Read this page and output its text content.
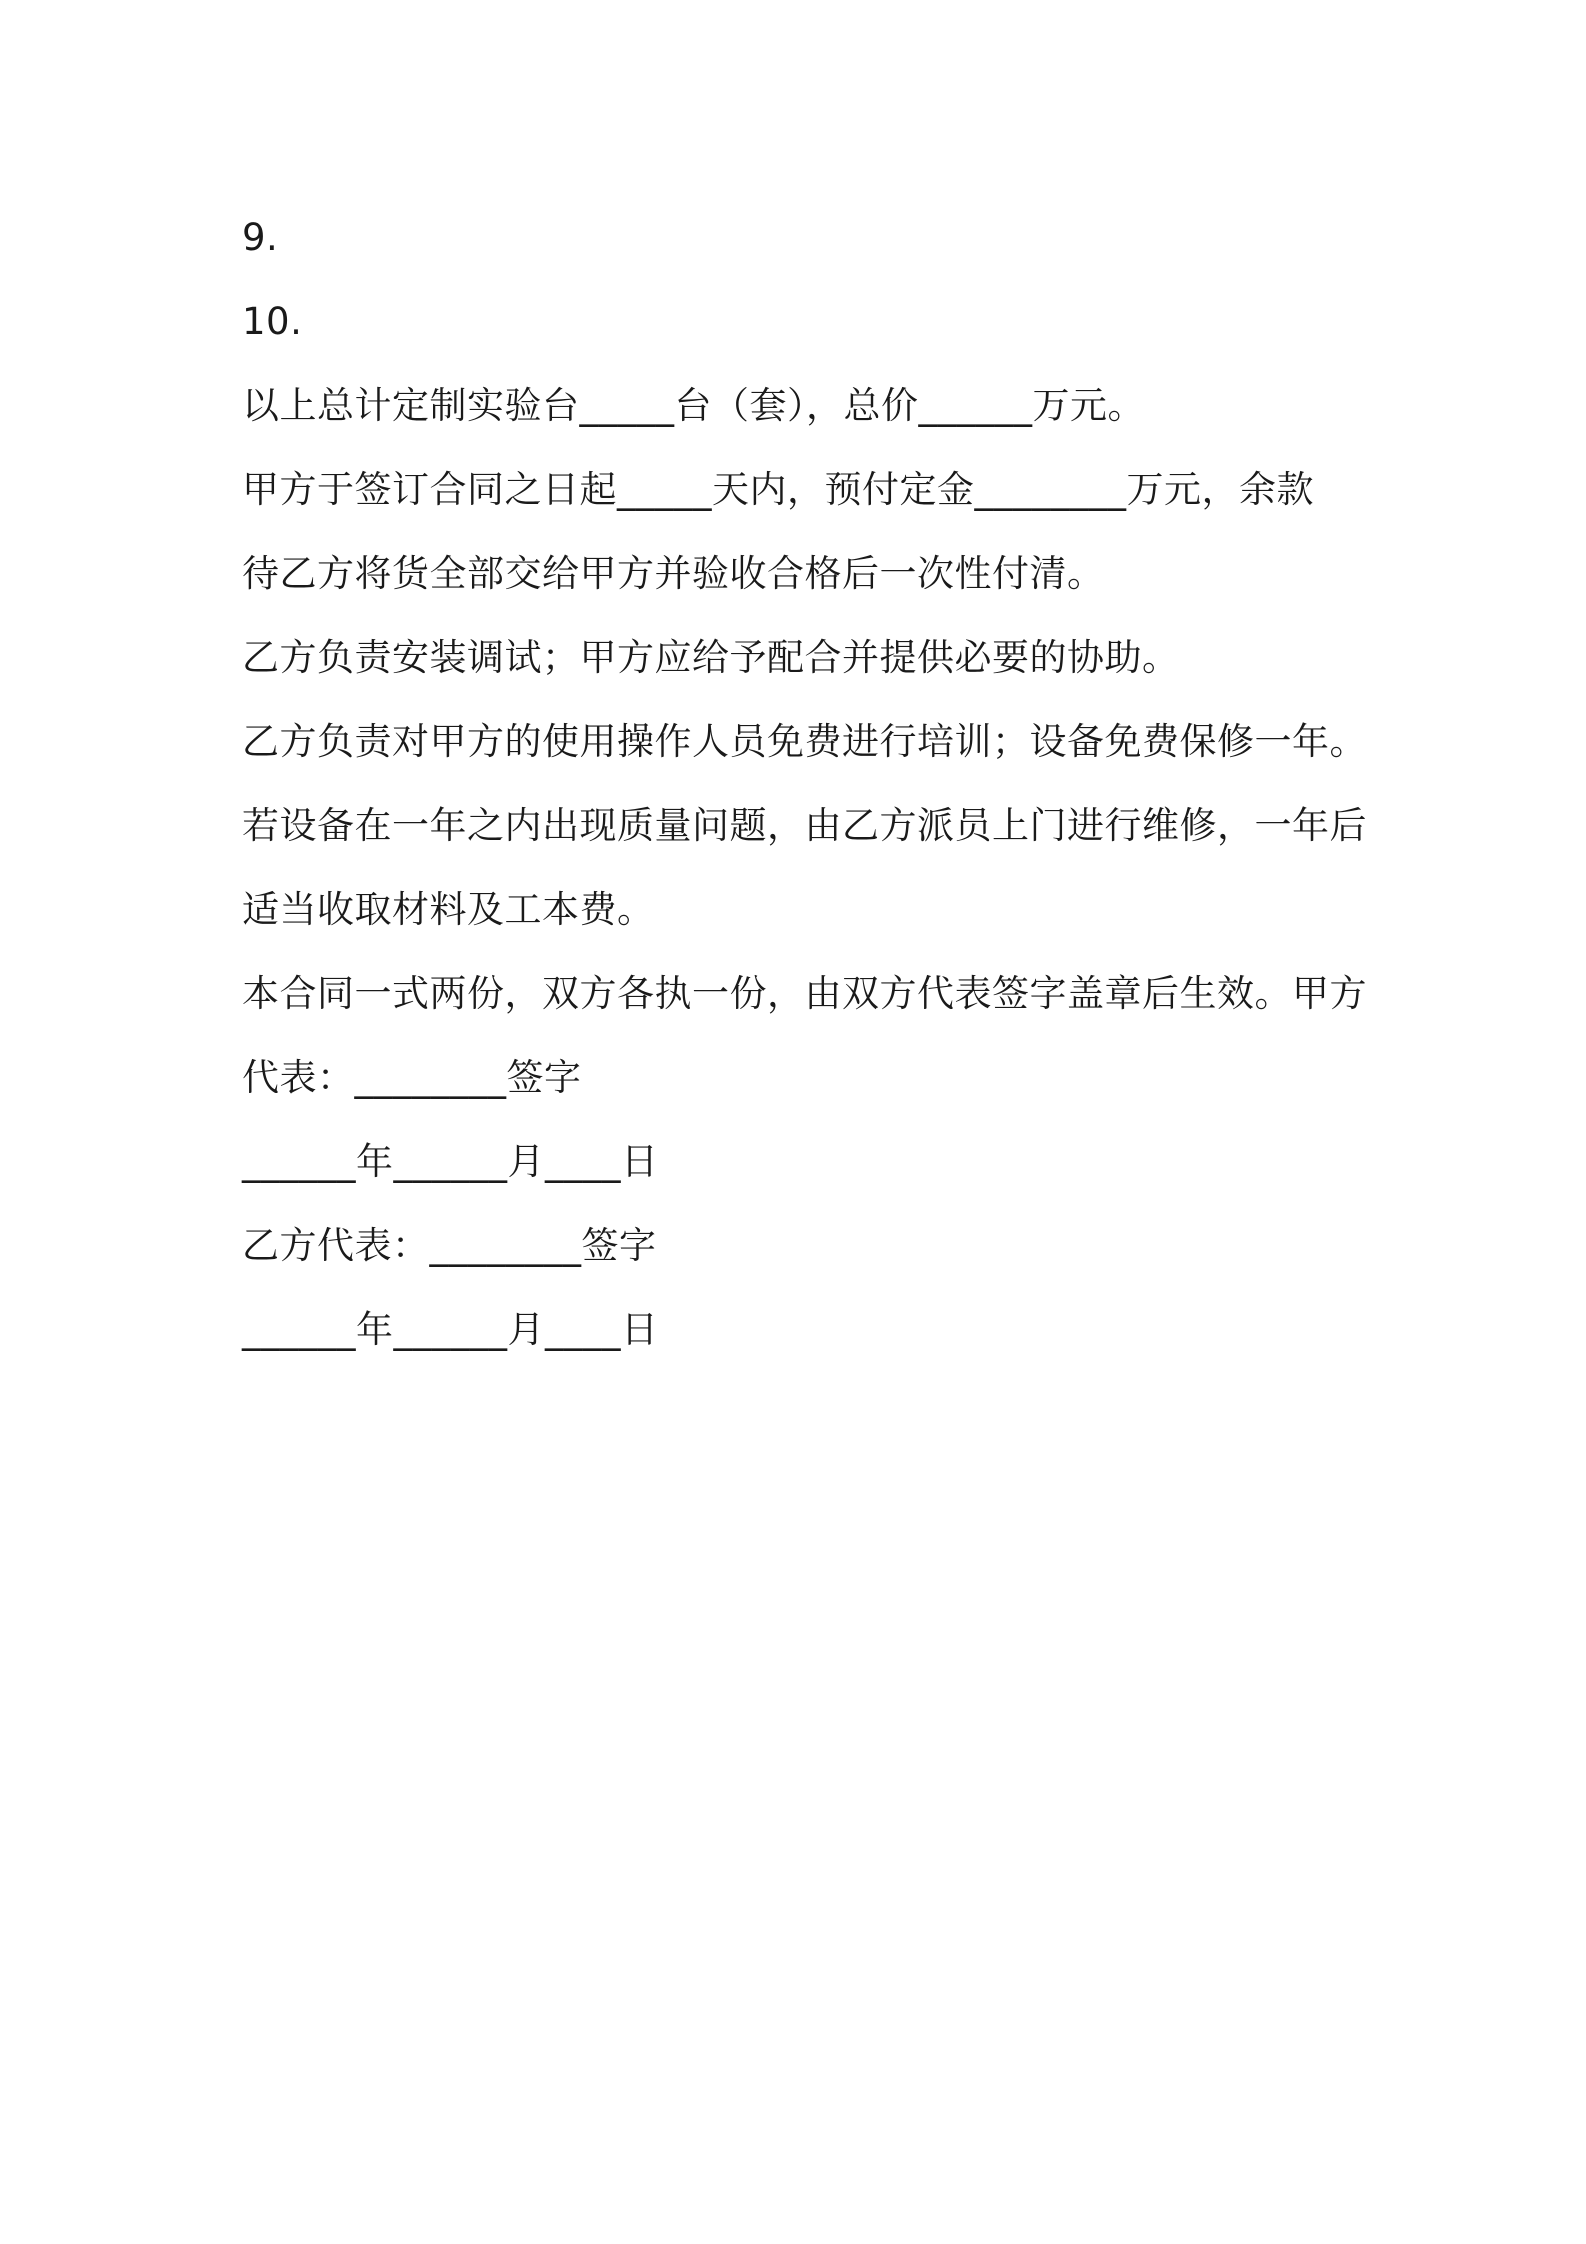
9.
10.
以上总计定制实验台_____台（套），总价______万元。
甲方于签订合同之日起_____天内，预付定金________万元，余款
待乙方将货全部交给甲方并验收合格后一次性付清。
乙方负责安装调试；甲方应给予配合并提供必要的协助。
乙方负责对甲方的使用操作人员免费进行培训；设备免费保修一年。
若设备在一年之内出现质量问题，由乙方派员上门进行维修，一年后
适当收取材料及工本费。
本合同一式两份，双方各执一份，由双方代表签字盖章后生效。甲方
代表：________签字
______年______月____日
乙方代表：________签字
______年______月____日
